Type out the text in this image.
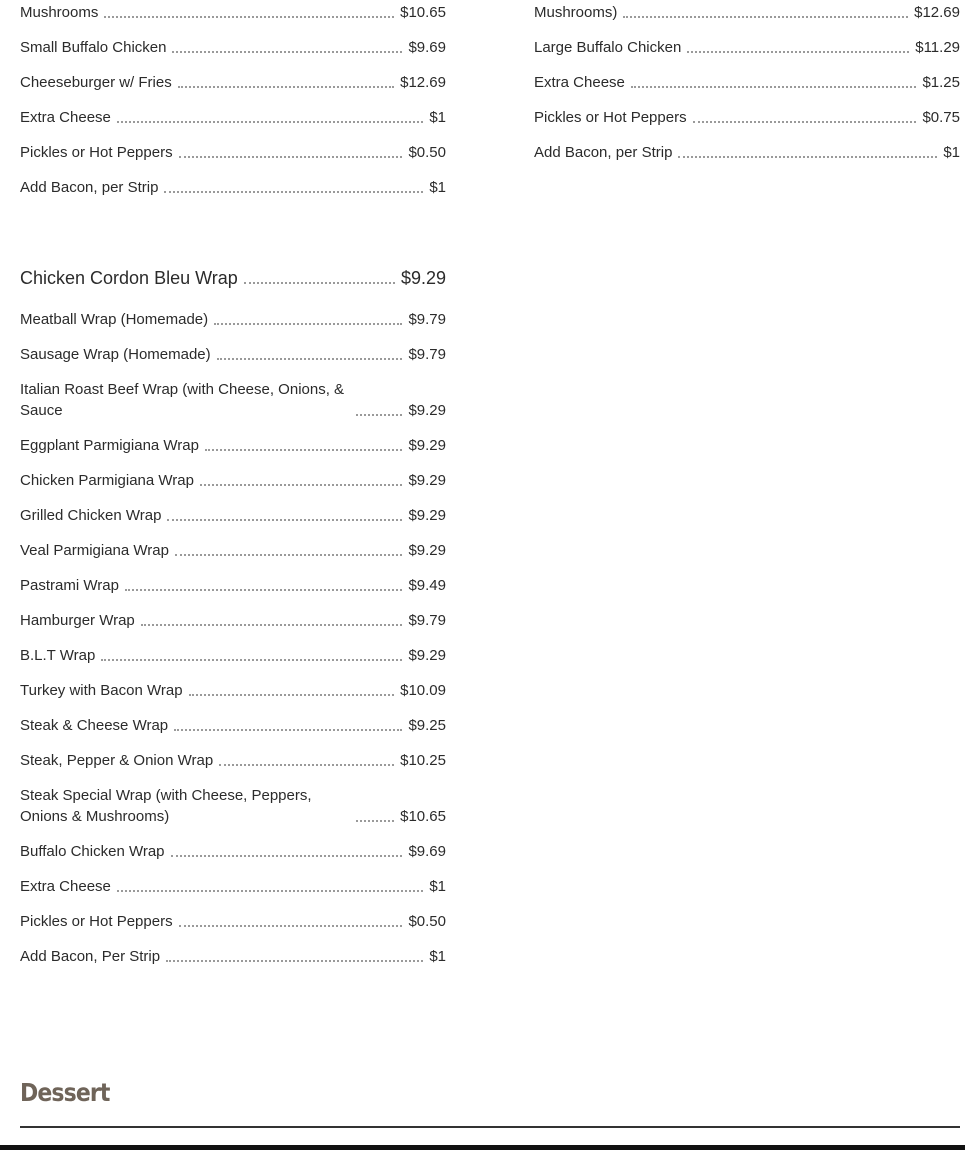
Mushrooms	$10.65
Small Buffalo Chicken	$9.69
Cheeseburger w/ Fries	$12.69
Extra Cheese	$1
Pickles or Hot Peppers	$0.50
Add Bacon, per Strip	$1
Chicken Cordon Bleu Wrap	$9.29
Meatball Wrap (Homemade)	$9.79
Sausage Wrap (Homemade)	$9.79
Italian Roast Beef Wrap (with Cheese, Onions, & Sauce	$9.29
Eggplant Parmigiana Wrap	$9.29
Chicken Parmigiana Wrap	$9.29
Grilled Chicken Wrap	$9.29
Veal Parmigiana Wrap	$9.29
Pastrami Wrap	$9.49
Hamburger Wrap	$9.79
B.L.T Wrap	$9.29
Turkey with Bacon Wrap	$10.09
Steak & Cheese Wrap	$9.25
Steak, Pepper & Onion Wrap	$10.25
Steak Special Wrap (with Cheese, Peppers, Onions & Mushrooms)	$10.65
Buffalo Chicken Wrap	$9.69
Extra Cheese	$1
Pickles or Hot Peppers	$0.50
Add Bacon, Per Strip	$1
Mushrooms)	$12.69
Large Buffalo Chicken	$11.29
Extra Cheese	$1.25
Pickles or Hot Peppers	$0.75
Add Bacon, per Strip	$1
Dessert
